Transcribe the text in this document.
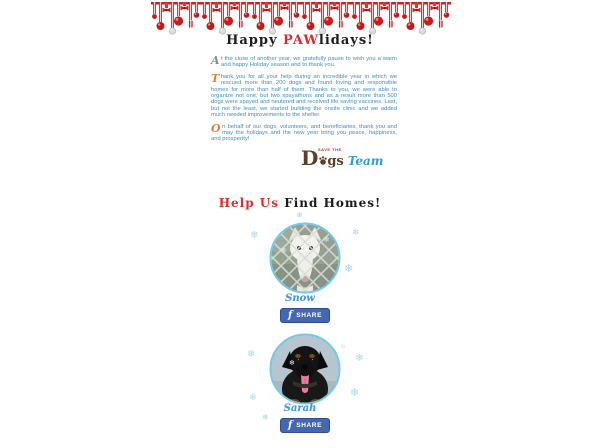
Happy PAWlidays!

At the close of another year, we gratefully pause to wish you a warm and happy Holiday season and to thank you.

Thank you for all your help during an incredible year in which we rescued more than 200 dogs and found loving and responsible homes for more than half of them. Thanks to you, we were able to organize not one, but two spayathons and as a result more than 500 dogs were spayed and neutered and received life saving vaccines. Last, but not the least, we started building the onsite clinic and we added much needed improvements to the shelter.

On behalf of our dogs, volunteers, and beneficiaries, thank you and may the holidays and the new year bring you peace, happiness, and prosperity!

SAVE THE
D gs Team
Help Us Find Homes!
Snow
f SHARE
Sarah
f SHARE
❄
❄	❄
❄
❄
❄
❄
❄	❄
❄	❄
❄
❄
❄
